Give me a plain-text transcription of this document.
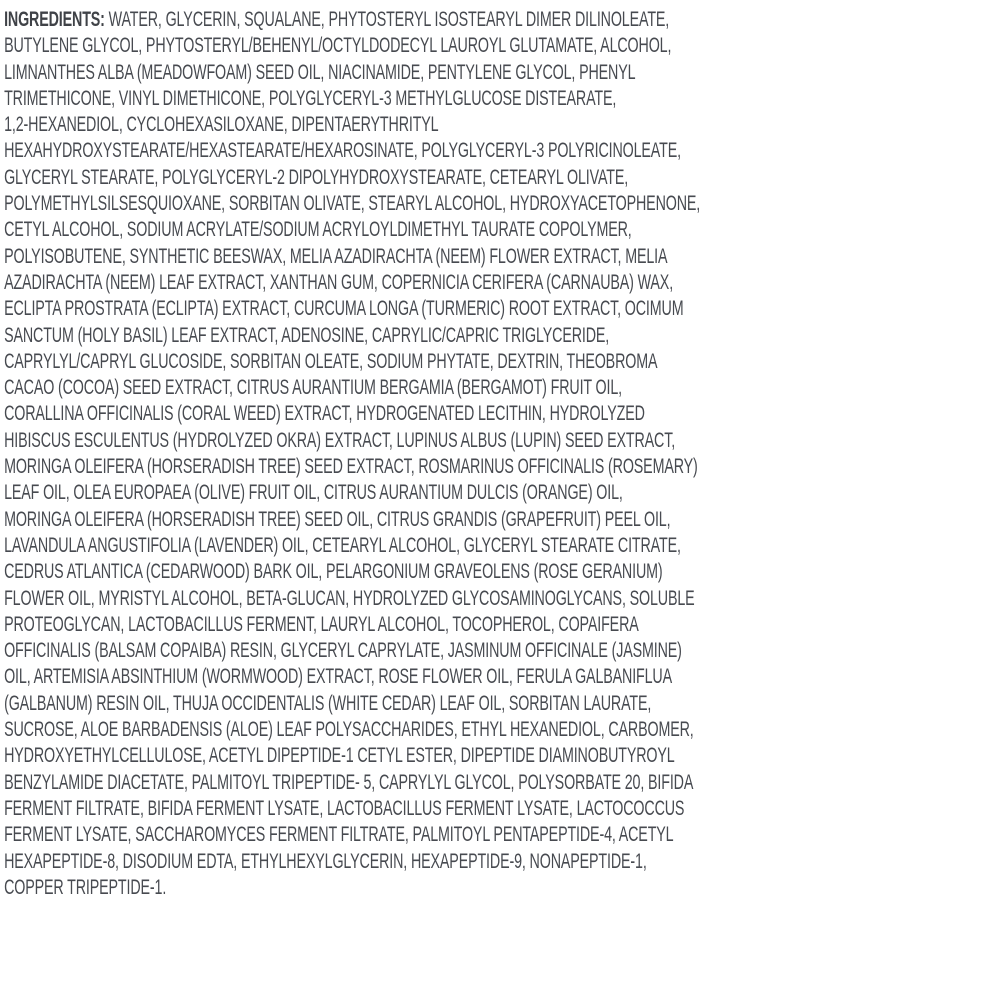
INGREDIENTS: WATER, GLYCERIN, SQUALANE, PHYTOSTERYL ISOSTEARYL DIMER DILINOLEATE,
BUTYLENE GLYCOL, PHYTOSTERYL/BEHENYL/OCTYLDODECYL LAUROYL GLUTAMATE, ALCOHOL,
LIMNANTHES ALBA (MEADOWFOAM) SEED OIL, NIACINAMIDE, PENTYLENE GLYCOL, PHENYL
TRIMETHICONE, VINYL DIMETHICONE, POLYGLYCERYL-3 METHYLGLUCOSE DISTEARATE,
1,2-HEXANEDIOL, CYCLOHEXASILOXANE, DIPENTAERYTHRITYL
HEXAHYDROXYSTEARATE/HEXASTEARATE/HEXAROSINATE, POLYGLYCERYL-3 POLYRICINOLEATE,
GLYCERYL STEARATE, POLYGLYCERYL-2 DIPOLYHYDROXYSTEARATE, CETEARYL OLIVATE,
POLYMETHYLSILSESQUIOXANE, SORBITAN OLIVATE, STEARYL ALCOHOL, HYDROXYACETOPHENONE,
CETYL ALCOHOL, SODIUM ACRYLATE/SODIUM ACRYLOYLDIMETHYL TAURATE COPOLYMER,
POLYISOBUTENE, SYNTHETIC BEESWAX, MELIA AZADIRACHTA (NEEM) FLOWER EXTRACT, MELIA
AZADIRACHTA (NEEM) LEAF EXTRACT, XANTHAN GUM, COPERNICIA CERIFERA (CARNAUBA) WAX,
ECLIPTA PROSTRATA (ECLIPTA) EXTRACT, CURCUMA LONGA (TURMERIC) ROOT EXTRACT, OCIMUM
SANCTUM (HOLY BASIL) LEAF EXTRACT, ADENOSINE, CAPRYLIC/CAPRIC TRIGLYCERIDE,
CAPRYLYL/CAPRYL GLUCOSIDE, SORBITAN OLEATE, SODIUM PHYTATE, DEXTRIN, THEOBROMA
CACAO (COCOA) SEED EXTRACT, CITRUS AURANTIUM BERGAMIA (BERGAMOT) FRUIT OIL,
CORALLINA OFFICINALIS (CORAL WEED) EXTRACT, HYDROGENATED LECITHIN, HYDROLYZED
HIBISCUS ESCULENTUS (HYDROLYZED OKRA) EXTRACT, LUPINUS ALBUS (LUPIN) SEED EXTRACT,
MORINGA OLEIFERA (HORSERADISH TREE) SEED EXTRACT, ROSMARINUS OFFICINALIS (ROSEMARY)
LEAF OIL, OLEA EUROPAEA (OLIVE) FRUIT OIL, CITRUS AURANTIUM DULCIS (ORANGE) OIL,
MORINGA OLEIFERA (HORSERADISH TREE) SEED OIL, CITRUS GRANDIS (GRAPEFRUIT) PEEL OIL,
LAVANDULA ANGUSTIFOLIA (LAVENDER) OIL, CETEARYL ALCOHOL, GLYCERYL STEARATE CITRATE,
CEDRUS ATLANTICA (CEDARWOOD) BARK OIL, PELARGONIUM GRAVEOLENS (ROSE GERANIUM)
FLOWER OIL, MYRISTYL ALCOHOL, BETA-GLUCAN, HYDROLYZED GLYCOSAMINOGLYCANS, SOLUBLE
PROTEOGLYCAN, LACTOBACILLUS FERMENT, LAURYL ALCOHOL, TOCOPHEROL, COPAIFERA
OFFICINALIS (BALSAM COPAIBA) RESIN, GLYCERYL CAPRYLATE, JASMINUM OFFICINALE (JASMINE)
OIL, ARTEMISIA ABSINTHIUM (WORMWOOD) EXTRACT, ROSE FLOWER OIL, FERULA GALBANIFLUA
(GALBANUM) RESIN OIL, THUJA OCCIDENTALIS (WHITE CEDAR) LEAF OIL, SORBITAN LAURATE,
SUCROSE, ALOE BARBADENSIS (ALOE) LEAF POLYSACCHARIDES, ETHYL HEXANEDIOL, CARBOMER,
HYDROXYETHYLCELLULOSE, ACETYL DIPEPTIDE-1 CETYL ESTER, DIPEPTIDE DIAMINOBUTYROYL
BENZYLAMIDE DIACETATE, PALMITOYL TRIPEPTIDE- 5, CAPRYLYL GLYCOL, POLYSORBATE 20, BIFIDA
FERMENT FILTRATE, BIFIDA FERMENT LYSATE, LACTOBACILLUS FERMENT LYSATE, LACTOCOCCUS
FERMENT LYSATE, SACCHAROMYCES FERMENT FILTRATE, PALMITOYL PENTAPEPTIDE-4, ACETYL
HEXAPEPTIDE-8, DISODIUM EDTA, ETHYLHEXYLGLYCERIN, HEXAPEPTIDE-9, NONAPEPTIDE-1,
COPPER TRIPEPTIDE-1.
